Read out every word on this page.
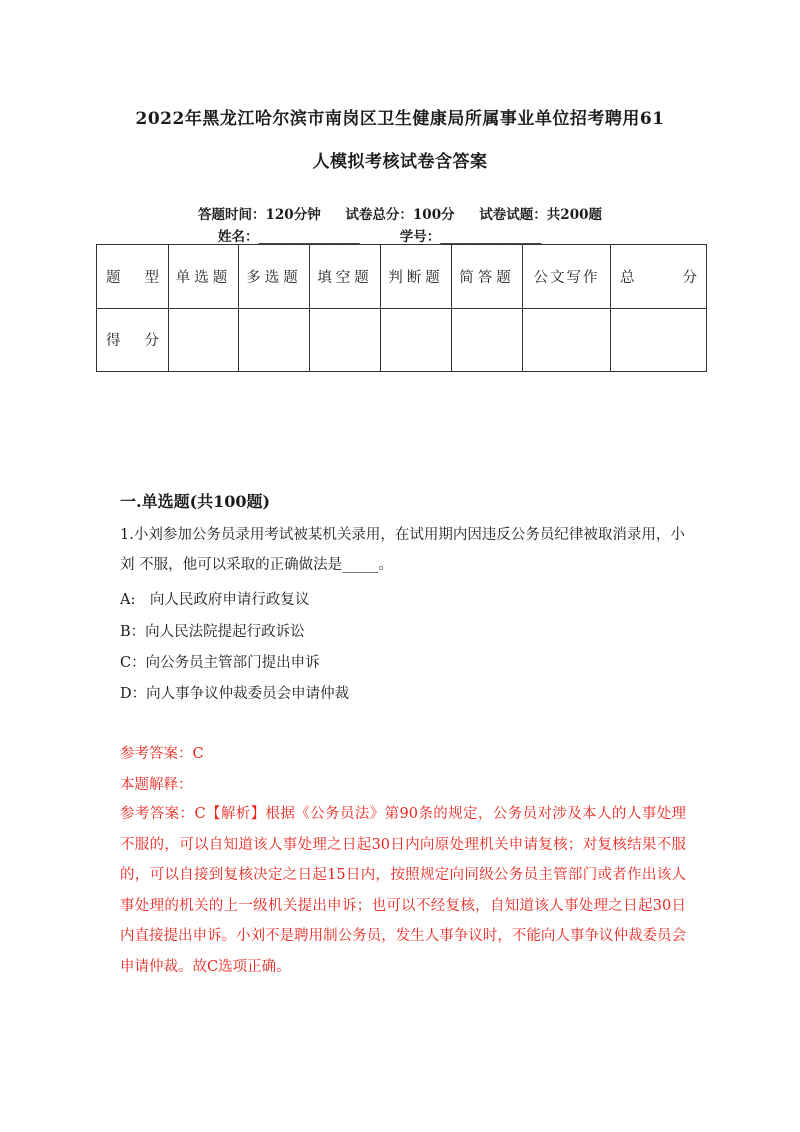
2022年黑龙江哈尔滨市南岗区卫生健康局所属事业单位招考聘用61
人模拟考核试卷含答案
答题时间：120分钟 试卷总分：100分 试卷试题：共200题
姓名：_______________	学号：_______________
题　型	单选题	多选题	填空题	判断题	简答题	公文写作	总　分
得　分							
一.单选题(共100题)
1.小刘参加公务员录用考试被某机关录用，在试用期内因违反公务员纪律被取消录用，小刘 不服，他可以采取的正确做法是_____。
A:　向人民政府申请行政复议
B：向人民法院提起行政诉讼
C：向公务员主管部门提出申诉
D：向人事争议仲裁委员会申请仲裁
参考答案：C
本题解释：
参考答案：C【解析】根据《公务员法》第90条的规定，公务员对涉及本人的人事处理不服的，可以自知道该人事处理之日起30日内向原处理机关申请复核；对复核结果不服的，可以自接到复核决定之日起15日内，按照规定向同级公务员主管部门或者作出该人事处理的机关的上一级机关提出申诉；也可以不经复核，自知道该人事处理之日起30日内直接提出申诉。小刘不是聘用制公务员，发生人事争议时，不能向人事争议仲裁委员会申请仲裁。故C选项正确。
